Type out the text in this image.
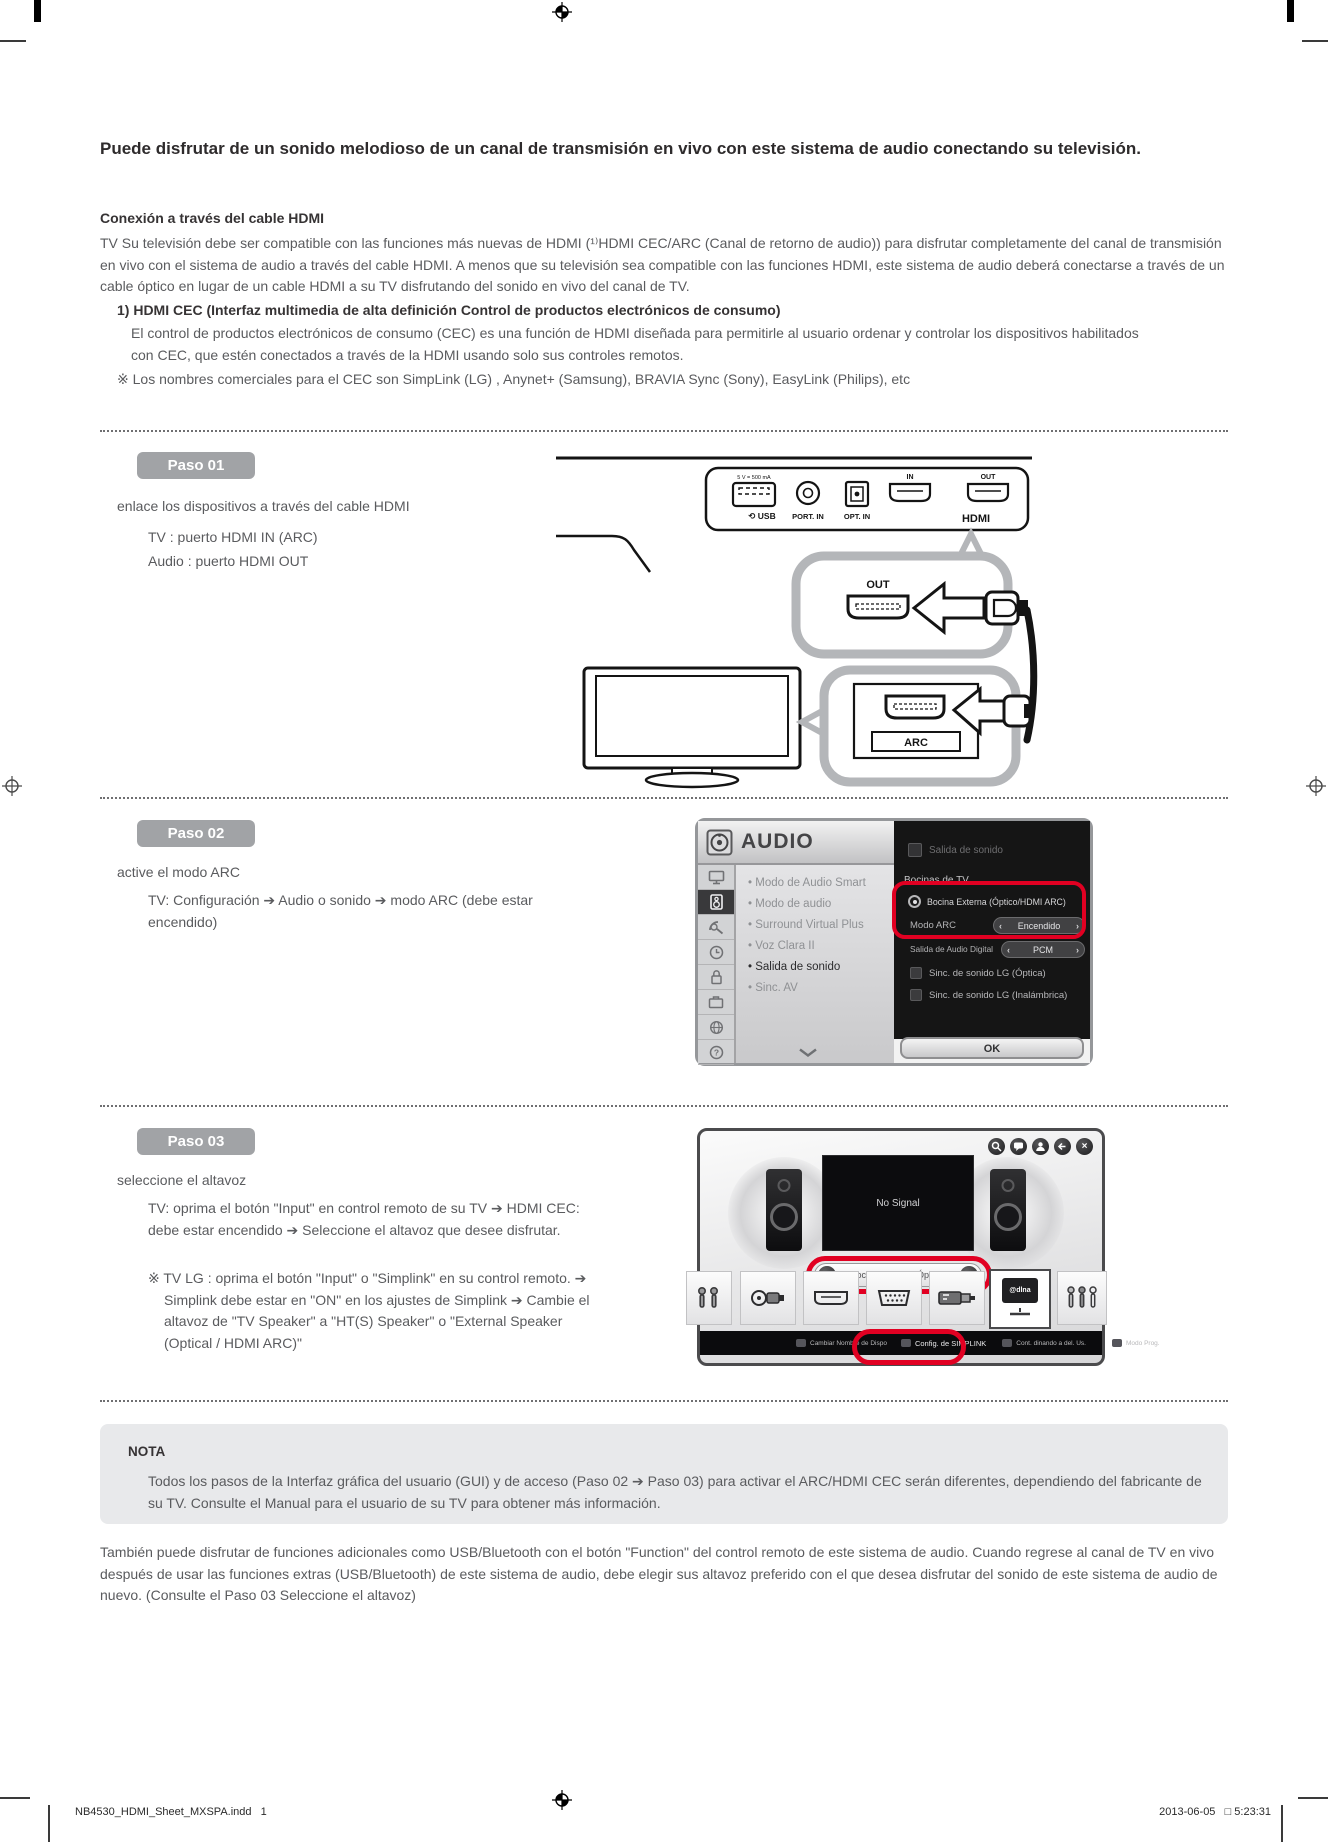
Puede disfrutar de un sonido melodioso de un canal de transmisión en vivo con este sistema de audio conectando su televisión.
Conexión a través del cable HDMI
TV Su televisión debe ser compatible con las funciones más nuevas de HDMI (¹⁾HDMI CEC/ARC (Canal de retorno de audio)) para disfrutar completamente del canal de transmisión en vivo con el sistema de audio a través del cable HDMI. A menos que su televisión sea compatible con las funciones HDMI, este sistema de audio deberá conectarse a través de un cable óptico en lugar de un cable HDMI a su TV disfrutando del sonido en vivo del canal de TV.
1) HDMI CEC (Interfaz multimedia de alta definición Control de productos electrónicos de consumo)
El control de productos electrónicos de consumo (CEC) es una función de HDMI diseñada para permitirle al usuario ordenar y controlar los dispositivos habilitados con CEC, que estén conectados a través de la HDMI usando solo sus controles remotos.
※ Los nombres comerciales para el CEC son SimpLink (LG) , Anynet+ (Samsung), BRAVIA Sync (Sony), EasyLink (Philips), etc
Paso 01
enlace los dispositivos a través del cable HDMI
TV : puerto HDMI IN (ARC)
Audio : puerto HDMI OUT
5 V = 500 mA
⟲ USB PORT. IN	OPT. IN
IN	OUT
HDMI
OUT
ARC
Paso 02
active el modo ARC
TV: Configuración ➔ Audio o sonido ➔ modo ARC (debe estar encendido)
AUDIO
?
• Modo de Audio Smart
• Modo de audio
• Surround Virtual Plus
• Voz Clara II
• Salida de sonido
• Sinc. AV
Salida de sonido
Bocinas de TV
Bocina Externa (Óptico/HDMI ARC)
Modo ARC	‹ Encendido ›
Salida de Audio Digital ‹	PCM	›
Sinc. de sonido LG (Óptica)
Sinc. de sonido LG (Inalámbrica)
OK
Paso 03
seleccione el altavoz
TV: oprima el botón "Input" en control remoto de su TV ➔ HDMI CEC: debe estar encendido ➔ Seleccione el altavoz que desee disfrutar.
※ TV LG : oprima el botón "Input" o "Simplink" en su control remoto. ➔ Simplink debe estar en "ON" en los ajustes de Simplink ➔ Cambie el altavoz de "TV Speaker" a "HT(S) Speaker" o "External Speaker (Optical / HDMI ARC)"
×
No Signal
Bocina
@dlna
Cambiar Nombre de Dispo	Config. de SIMPLINK	Cont. dinando a del. Us.	Modo Prog.
NOTA
Todos los pasos de la Interfaz gráfica del usuario (GUI) y de acceso (Paso 02 ➔ Paso 03) para activar el ARC/HDMI CEC serán diferentes, dependiendo del fabricante de su TV. Consulte el Manual para el usuario de su TV para obtener más información.
También puede disfrutar de funciones adicionales como USB/Bluetooth con el botón "Function" del control remoto de este sistema de audio. Cuando regrese al canal de TV en vivo después de usar las funciones extras (USB/Bluetooth) de este sistema de audio, debe elegir sus altavoz preferido con el que desea disfrutar del sonido de este sistema de audio de nuevo. (Consulte el Paso 03 Seleccione el altavoz)
NB4530_HDMI_Sheet_MXSPA.indd   1	2013-06-05   □ 5:23:31
